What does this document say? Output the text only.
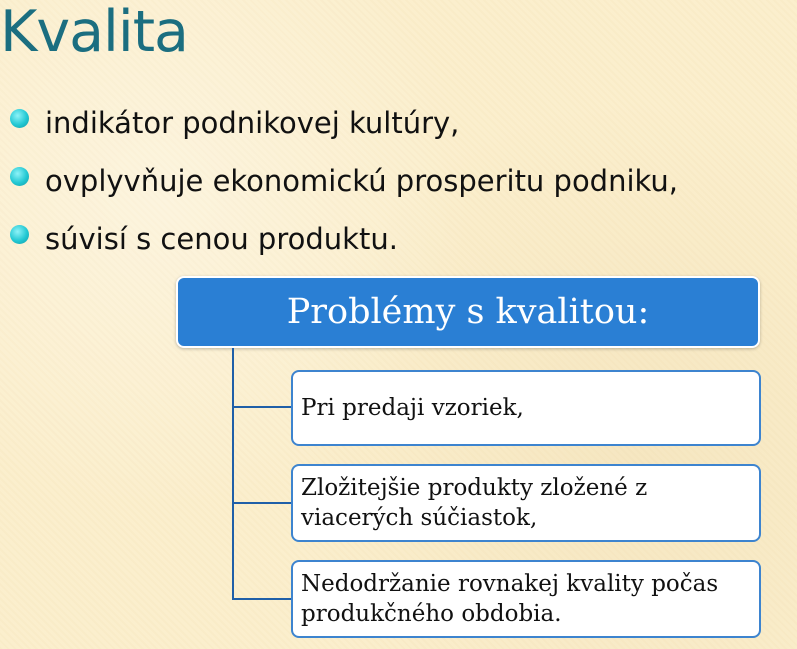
Kvalita
indikátor podnikovej kultúry,
ovplyvňuje ekonomickú prosperitu podniku,
súvisí s cenou produktu.
Problémy s kvalitou:
Pri predaji vzoriek,
Zložitejšie produkty zložené z viacerých súčiastok,
Nedodržanie rovnakej kvality počas produkčného obdobia.
